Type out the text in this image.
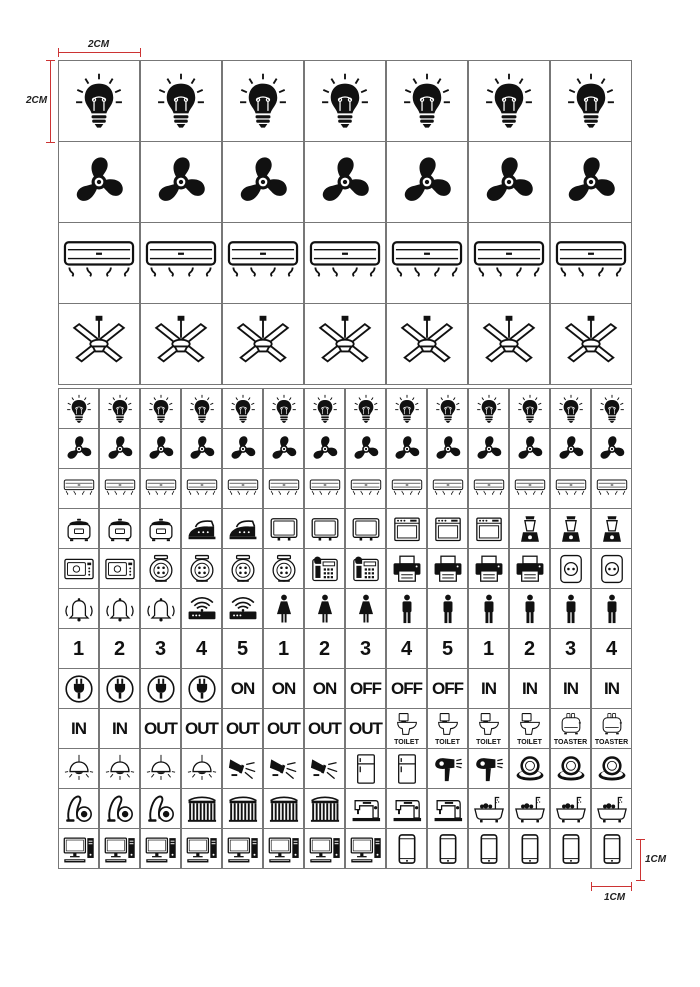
2CM
2CM
1CM
1CM
1 2 3 4 5 1 2 3 4 5 1 2 3 4
ON ON ON OFF OFF OFF IN IN IN IN
IN IN OUT OUT OUT OUT OUT OUT
TOILET TOILET TOILET TOILET TOASTER TOASTER
